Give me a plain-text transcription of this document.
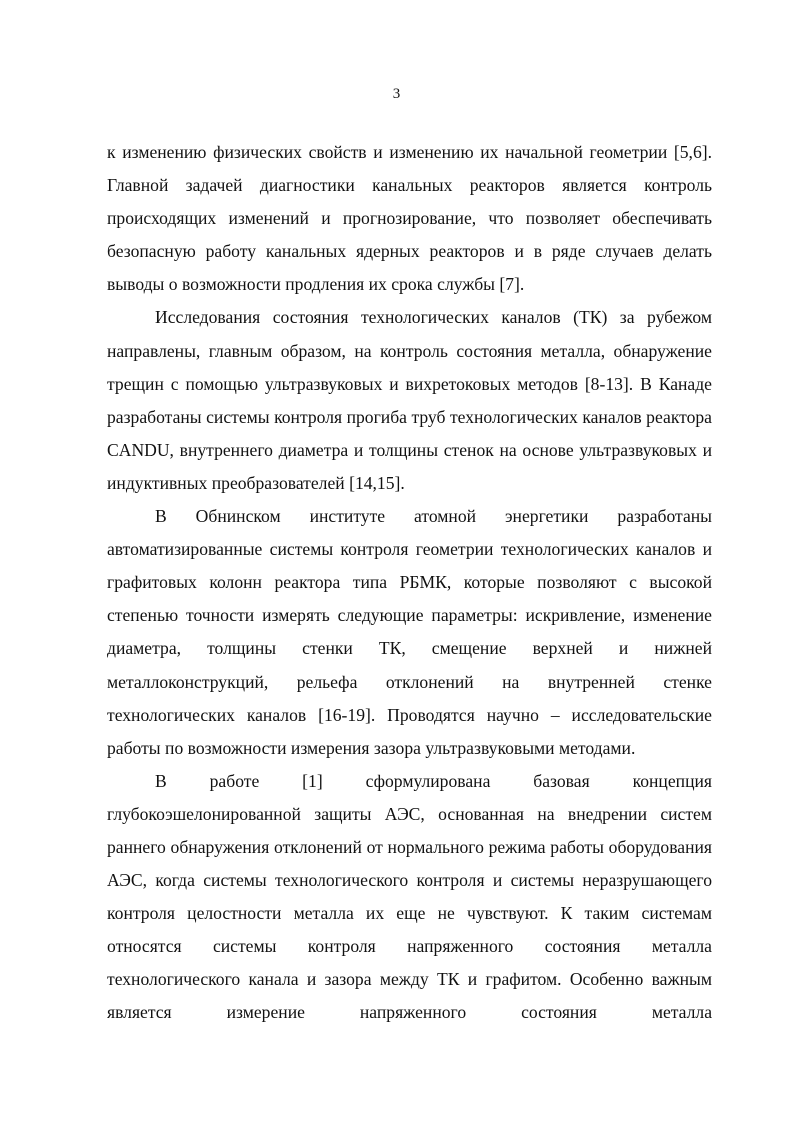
3

к изменению физических свойств и изменению их начальной геометрии [5,6]. Главной задачей диагностики канальных реакторов является контроль происходящих изменений и прогнозирование, что позволяет обеспечивать безопасную работу канальных ядерных реакторов и в ряде случаев делать выводы о возможности продления их срока службы [7].

Исследования состояния технологических каналов (ТК) за рубежом направлены, главным образом, на контроль состояния металла, обнаружение трещин с помощью ультразвуковых и вихретоковых методов [8-13]. В Канаде разработаны системы контроля прогиба труб технологических каналов реактора CANDU, внутреннего диаметра и толщины стенок на основе ультразвуковых и индуктивных преобразователей [14,15].

В Обнинском институте атомной энергетики разработаны автоматизированные системы контроля геометрии технологических каналов и графитовых колонн реактора типа РБМК, которые позволяют с высокой степенью точности измерять следующие параметры: искривление, изменение диаметра, толщины стенки ТК, смещение верхней и нижней металлоконструкций, рельефа отклонений на внутренней стенке технологических каналов [16-19]. Проводятся научно – исследовательские работы по возможности измерения зазора ультразвуковыми методами.

В работе [1] сформулирована базовая концепция глубокоэшелонированной защиты АЭС, основанная на внедрении систем раннего обнаружения отклонений от нормального режима работы оборудования АЭС, когда системы технологического контроля и системы неразрушающего контроля целостности металла их еще не чувствуют. К таким системам относятся системы контроля напряженного состояния металла технологического канала и зазора между ТК и графитом. Особенно важным является измерение напряженного состояния металла
